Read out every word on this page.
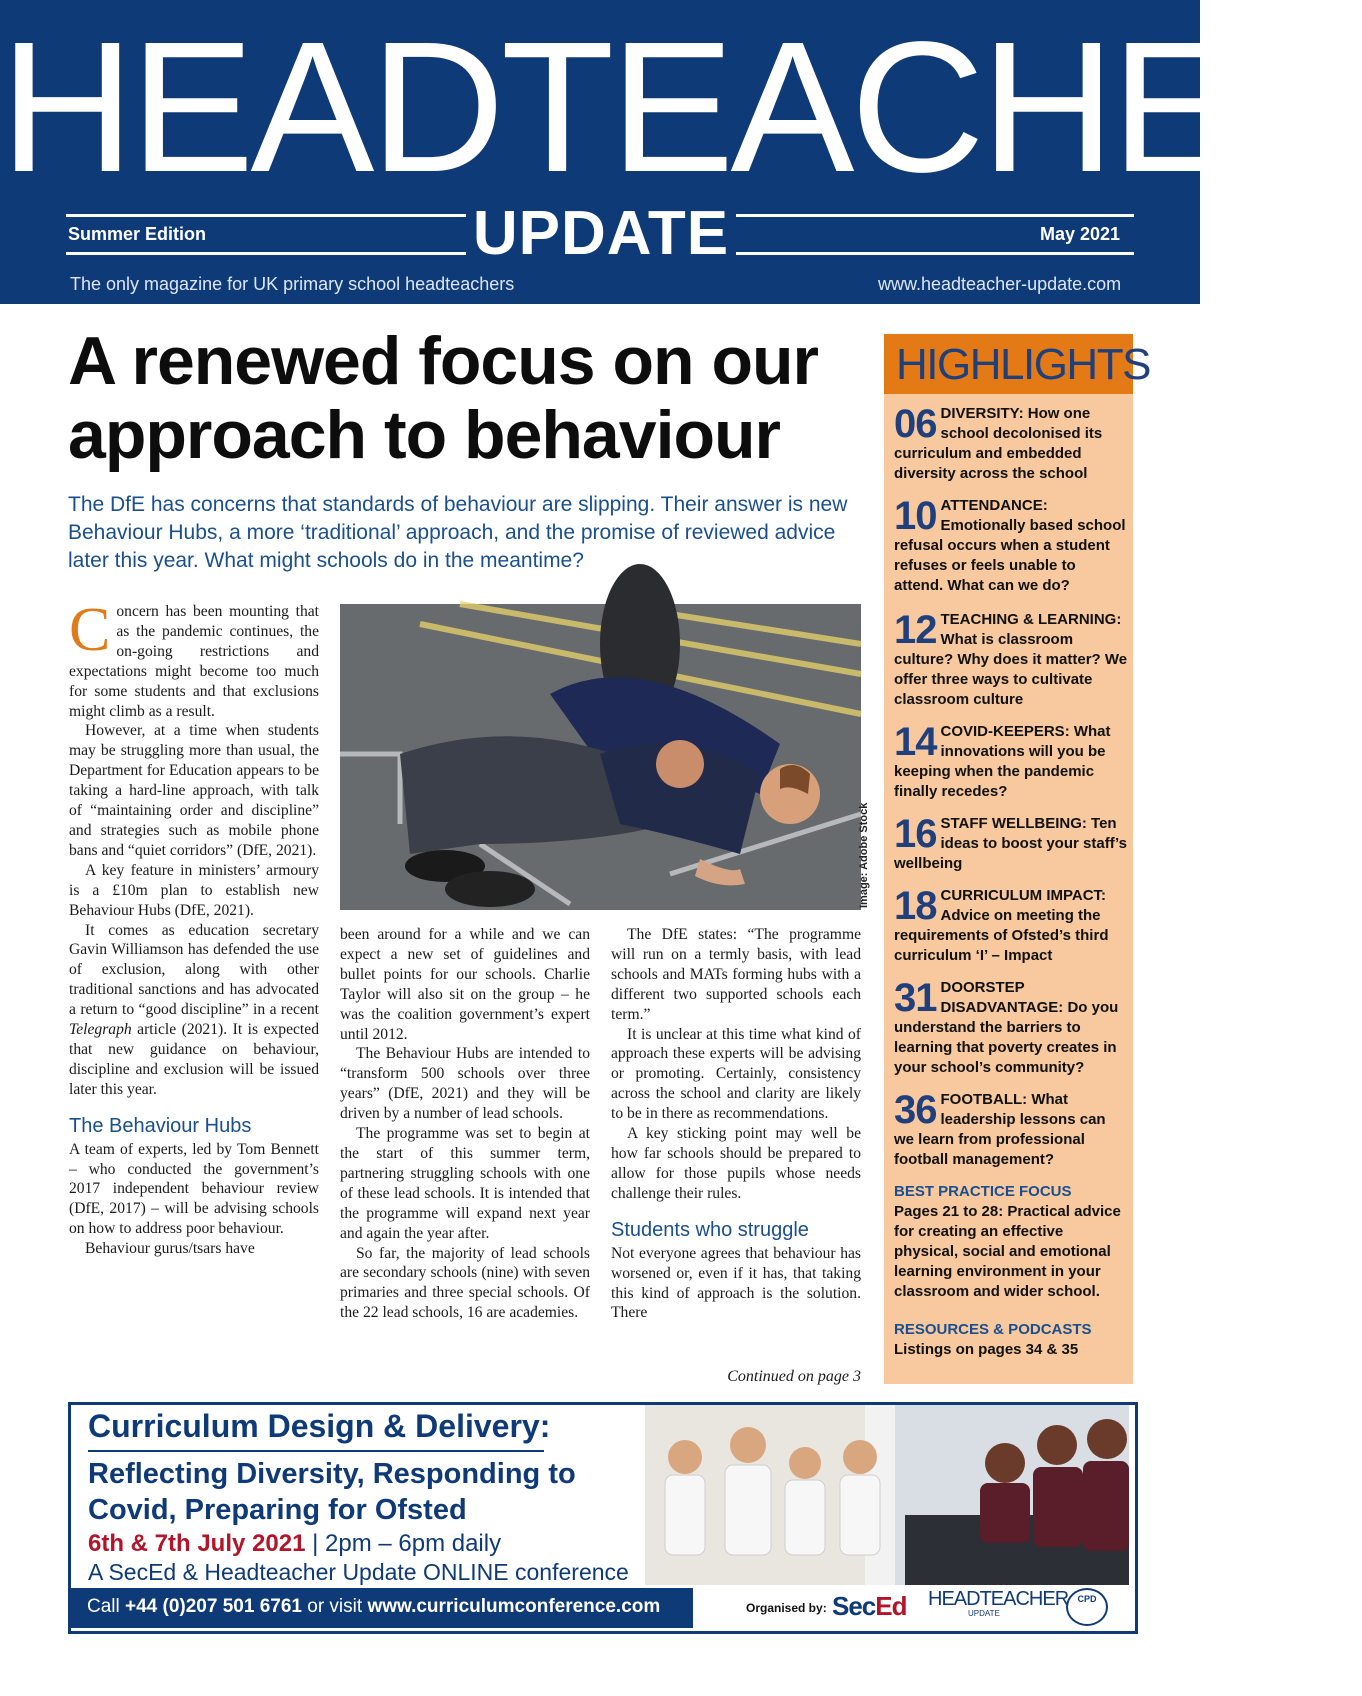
HEADTEACHER
Summer Edition	UPDATE	May 2021
The only magazine for UK primary school headteachers	www.headteacher-update.com
A renewed focus on our
approach to behaviour
The DfE has concerns that standards of behaviour are slipping. Their answer is new Behaviour Hubs, a more ‘traditional’ approach, and the promise of reviewed advice later this year. What might schools do in the meantime?

Concern has been mounting that as the pandemic continues, the on-going restrictions and expectations might become too much for some students and that exclusions might climb as a result.

However, at a time when students may be struggling more than usual, the Department for Education appears to be taking a hard-line approach, with talk of “maintaining order and discipline” and strategies such as mobile phone bans and “quiet corridors” (DfE, 2021).

A key feature in ministers’ armoury is a £10m plan to establish new Behaviour Hubs (DfE, 2021).

It comes as education secretary Gavin Williamson has defended the use of exclusion, along with other traditional sanctions and has advocated a return to “good discipline” in a recent Telegraph article (2021). It is expected that new guidance on behaviour, discipline and exclusion will be issued later this year.

The Behaviour Hubs

A team of experts, led by Tom Bennett – who conducted the government’s 2017 independent behaviour review (DfE, 2017) – will be advising schools on how to address poor behaviour.

Behaviour gurus/tsars have

Image: Adobe Stock

been around for a while and we can expect a new set of guidelines and bullet points for our schools. Charlie Taylor will also sit on the group – he was the coalition government’s expert until 2012.

The Behaviour Hubs are intended to “transform 500 schools over three years” (DfE, 2021) and they will be driven by a number of lead schools.

The programme was set to begin at the start of this summer term, partnering struggling schools with one of these lead schools. It is intended that the programme will expand next year and again the year after.

So far, the majority of lead schools are secondary schools (nine) with seven primaries and three special schools. Of the 22 lead schools, 16 are academies.

The DfE states: “The programme will run on a termly basis, with lead schools and MATs forming hubs with a different two supported schools each term.”

It is unclear at this time what kind of approach these experts will be advising or promoting. Certainly, consistency across the school and clarity are likely to be in there as recommendations.

A key sticking point may well be how far schools should be prepared to allow for those pupils whose needs challenge their rules.

Students who struggle

Not everyone agrees that behaviour has worsened or, even if it has, that taking this kind of approach is the solution. There

Continued on page 3
HIGHLIGHTS
06 DIVERSITY: How one school decolonised its curriculum and embedded diversity across the school
10 ATTENDANCE: Emotionally based school refusal occurs when a student refuses or feels unable to attend. What can we do?
12 TEACHING & LEARNING: What is classroom culture? Why does it matter? We offer three ways to cultivate classroom culture
14 COVID-KEEPERS: What innovations will you be keeping when the pandemic finally recedes?
16 STAFF WELLBEING: Ten ideas to boost your staff’s wellbeing
18 CURRICULUM IMPACT: Advice on meeting the requirements of Ofsted’s third curriculum ‘I’ – Impact
31 DOORSTEP DISADVANTAGE: Do you understand the barriers to learning that poverty creates in your school’s community?
36 FOOTBALL: What leadership lessons can we learn from professional football management?
BEST PRACTICE FOCUS
Pages 21 to 28: Practical advice for creating an effective physical, social and emotional learning environment in your classroom and wider school.
RESOURCES & PODCASTS
Listings on pages 34 & 35
Curriculum Design & Delivery:
Reflecting Diversity, Responding to
Covid, Preparing for Ofsted
6th & 7th July 2021 | 2pm – 6pm daily
A SecEd & Headteacher Update ONLINE conference
Call +44 (0)207 501 6761 or visit www.curriculumconference.com	Organised by: SecEd HEADTEACHER
UPDATE
CPD
